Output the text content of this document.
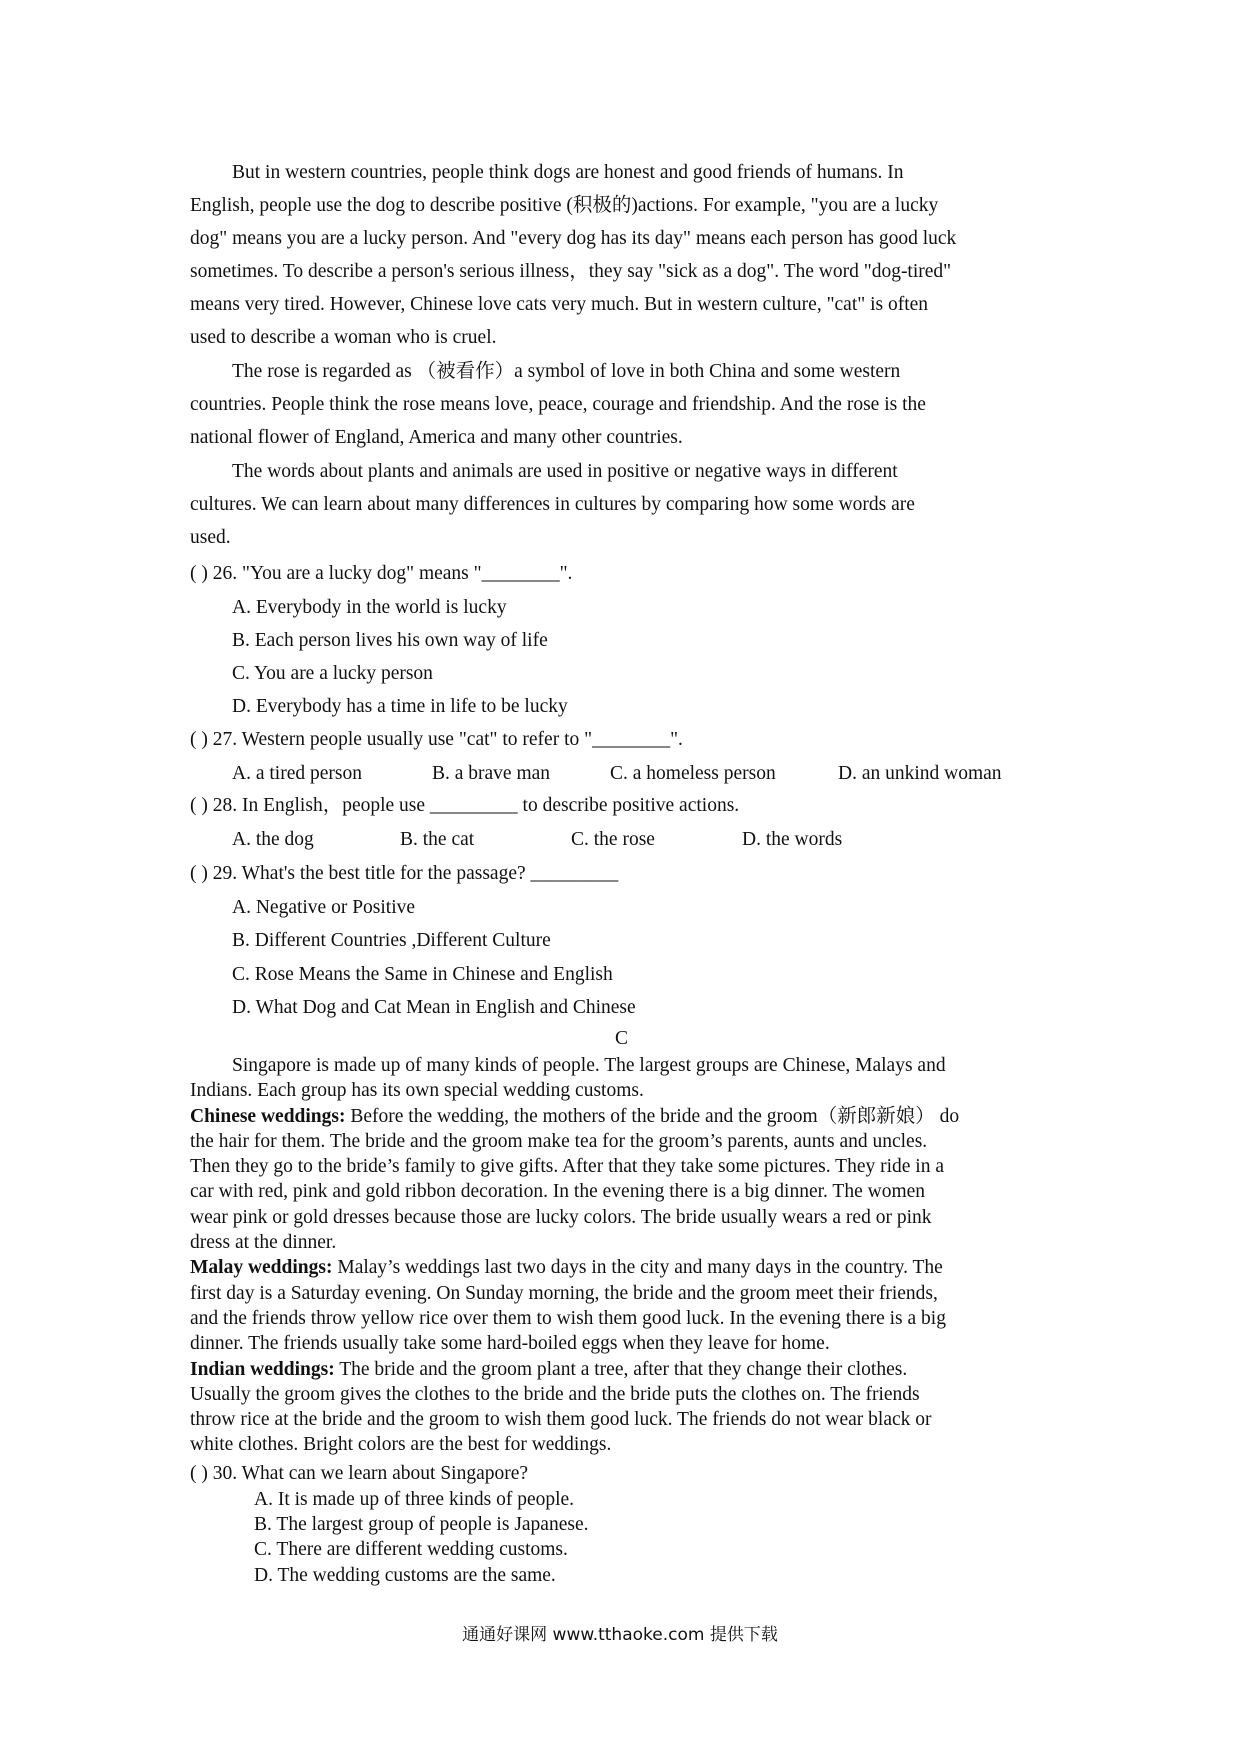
But in western countries, people think dogs are honest and good friends of humans. In
English, people use the dog to describe positive (积极的)actions. For example, "you are a lucky
dog" means you are a lucky person. And "every dog has its day" means each person has good luck
sometimes. To describe a person's serious illness，they say "sick as a dog". The word "dog-tired"
means very tired. However, Chinese love cats very much. But in western culture, "cat" is often
used to describe a woman who is cruel.
The rose is regarded as （被看作）a symbol of love in both China and some western
countries. People think the rose means love, peace, courage and friendship. And the rose is the
national flower of England, America and many other countries.
The words about plants and animals are used in positive or negative ways in different
cultures. We can learn about many differences in cultures by comparing how some words are
used.
( ) 26. "You are a lucky dog" means "________".
A. Everybody in the world is lucky
B. Each person lives his own way of life
C. You are a lucky person
D. Everybody has a time in life to be lucky
( ) 27. Western people usually use "cat" to refer to "________".
A. a tired person	B. a brave man	C. a homeless person	D. an unkind woman
( ) 28. In English，people use _________ to describe positive actions.
A. the dog	B. the cat	C. the rose	D. the words
( ) 29. What's the best title for the passage? _________
A. Negative or Positive
B. Different Countries ,Different Culture
C. Rose Means the Same in Chinese and English
D. What Dog and Cat Mean in English and Chinese
C
Singapore is made up of many kinds of people. The largest groups are Chinese, Malays and
Indians. Each group has its own special wedding customs.
Chinese weddings: Before the wedding, the mothers of the bride and the groom（新郎新娘） do
the hair for them. The bride and the groom make tea for the groom’s parents, aunts and uncles.
Then they go to the bride’s family to give gifts. After that they take some pictures. They ride in a
car with red, pink and gold ribbon decoration. In the evening there is a big dinner. The women
wear pink or gold dresses because those are lucky colors. The bride usually wears a red or pink
dress at the dinner.
Malay weddings: Malay’s weddings last two days in the city and many days in the country. The
first day is a Saturday evening. On Sunday morning, the bride and the groom meet their friends,
and the friends throw yellow rice over them to wish them good luck. In the evening there is a big
dinner. The friends usually take some hard-boiled eggs when they leave for home.
Indian weddings: The bride and the groom plant a tree, after that they change their clothes.
Usually the groom gives the clothes to the bride and the bride puts the clothes on. The friends
throw rice at the bride and the groom to wish them good luck. The friends do not wear black or
white clothes. Bright colors are the best for weddings.
( ) 30. What can we learn about Singapore?
A. It is made up of three kinds of people.
B. The largest group of people is Japanese.
C. There are different wedding customs.
D. The wedding customs are the same.
通通好课网 www.tthaoke.com 提供下载
